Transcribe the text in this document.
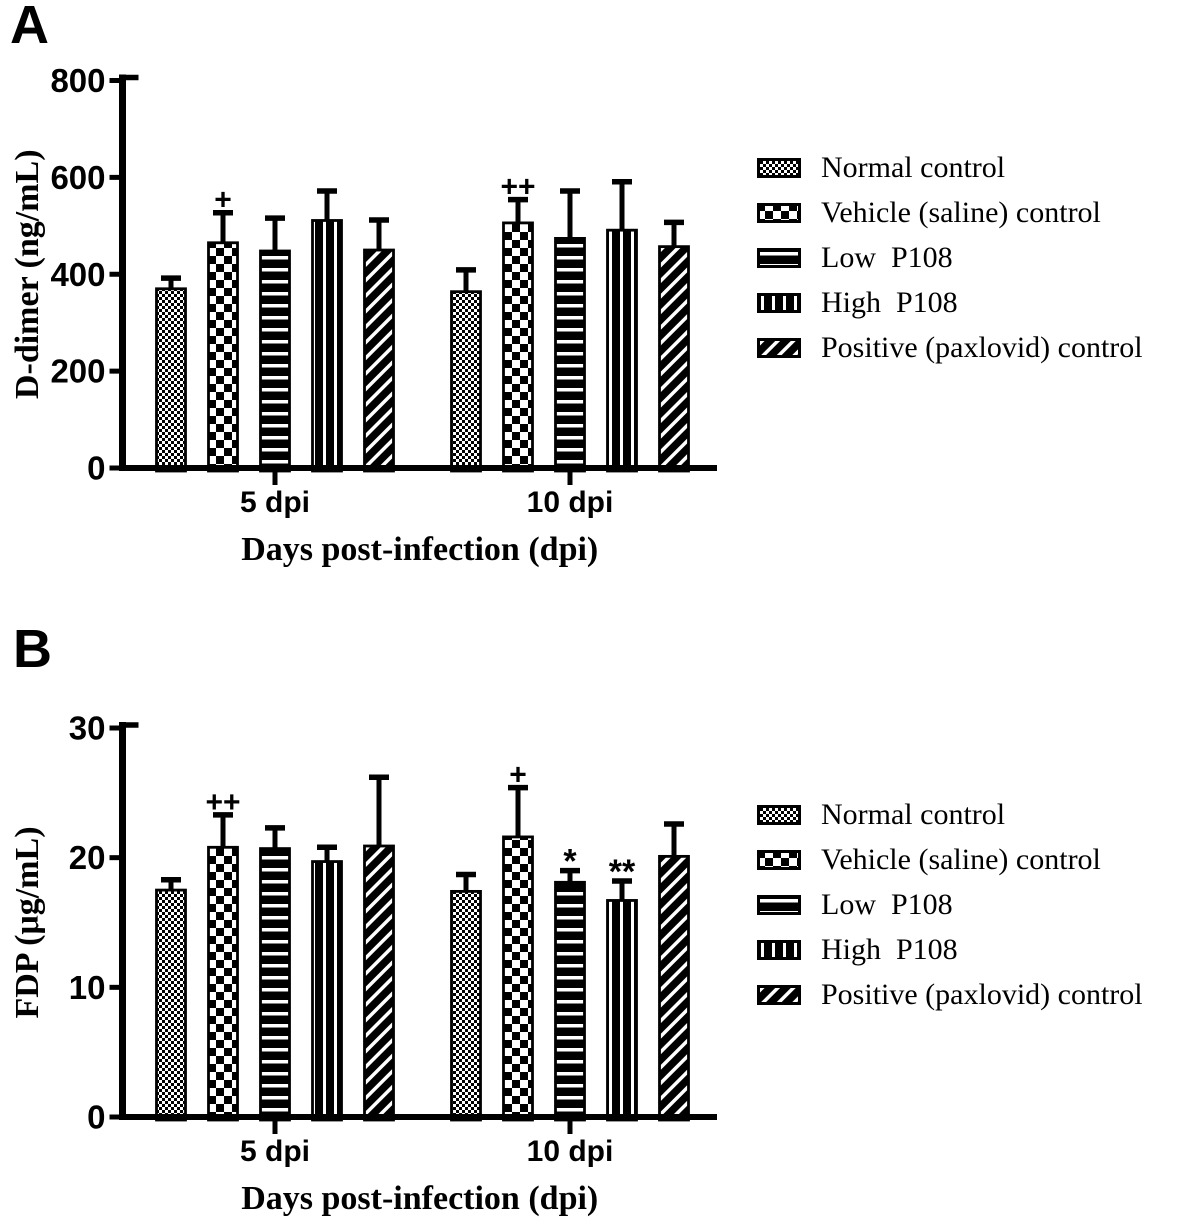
A
B
+	++
0
200
400
600
800
5 dpi	10 dpi
Days post-infection (dpi)
D-dimer (ng/mL)
++
+
* **
0
10
20
30
5 dpi	10 dpi
Days post-infection (dpi)
FDP (μg/mL)
Normal control
Vehicle (saline) control
Low  P108
High  P108
Positive (paxlovid) control
Normal control
Vehicle (saline) control
Low  P108
High  P108
Positive (paxlovid) control
